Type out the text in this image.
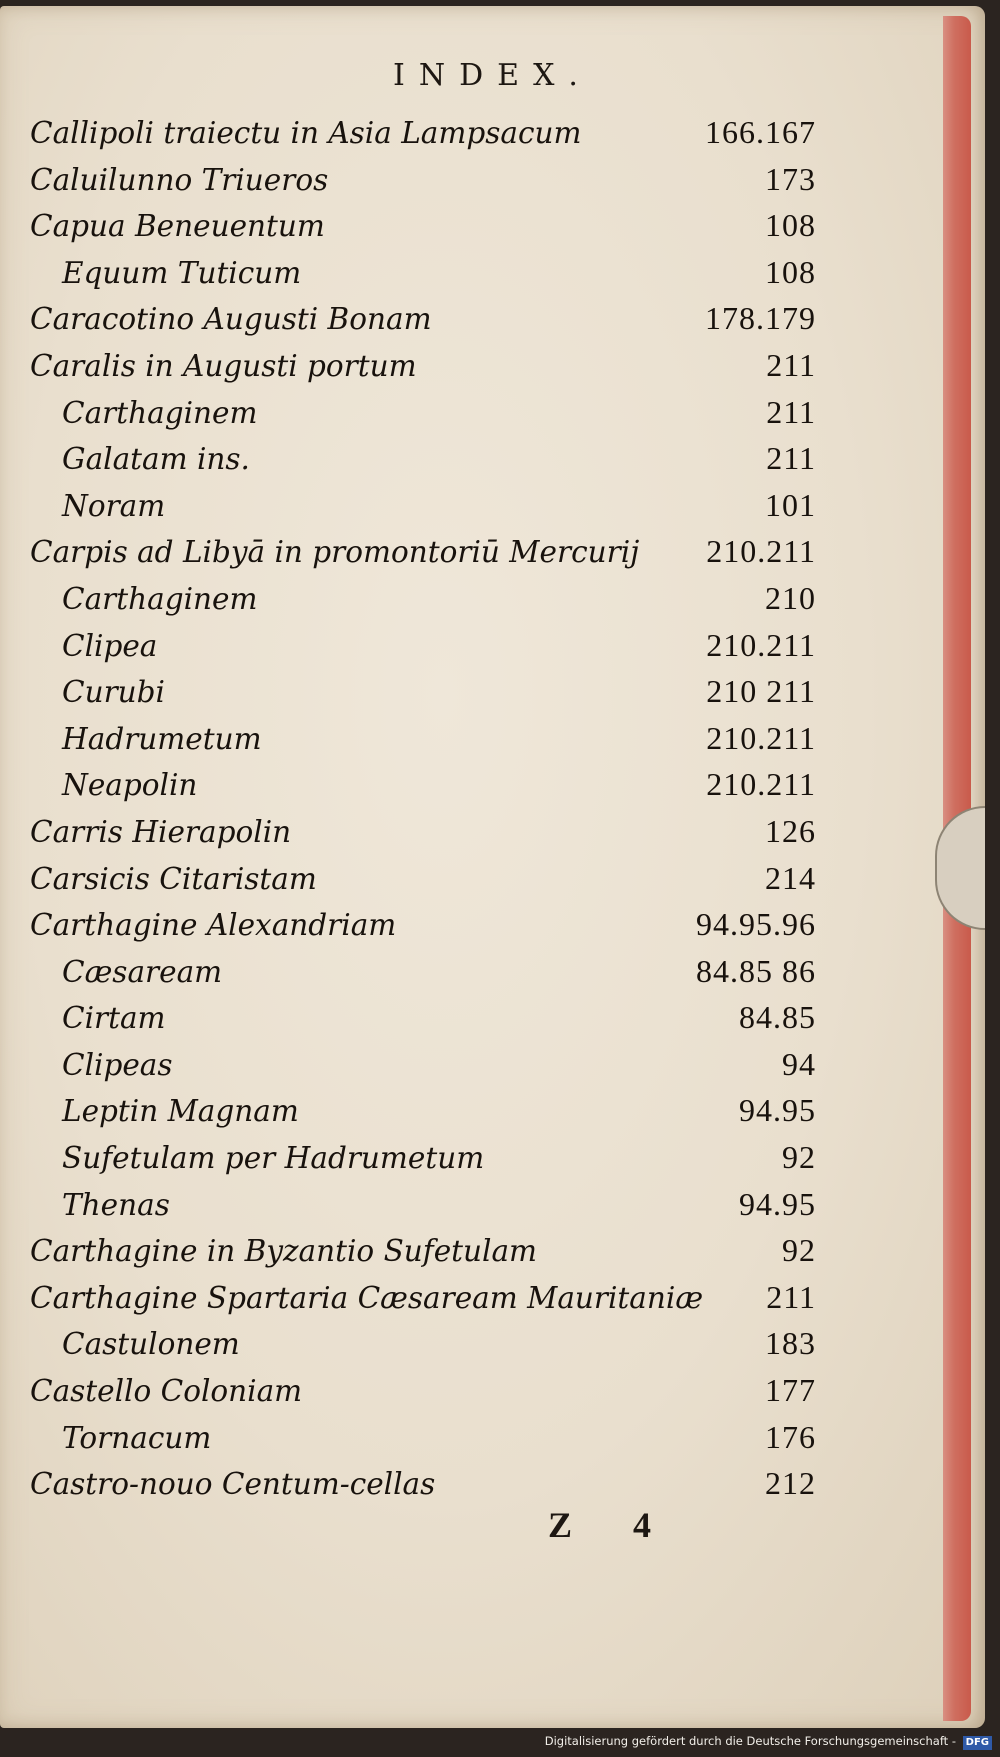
INDEX.
Callipoli traiectu in Asia Lampsacum	166.167
Caluilunno Triueros	173
Capua Beneuentum	108
Equum Tuticum	108
Caracotino Augusti Bonam	178.179
Caralis in Augusti portum	211
Carthaginem	211
Galatam ins.	211
Noram	101
Carpis ad Libyā in promontoriū Mercurij 210.211
Carthaginem	210
Clipea	210.211
Curubi	210 211
Hadrumetum	210.211
Neapolin	210.211
Carris Hierapolin	126
Carsicis Citaristam	214
Carthagine Alexandriam	94.95.96
Cæsaream	84.85 86
Cirtam	84.85
Clipeas	94
Leptin Magnam	94.95
Sufetulam per Hadrumetum	92
Thenas	94.95
Carthagine in Byzantio Sufetulam	92
Carthagine Spartaria Cæsaream Mauritaniæ 211
Castulonem	183
Castello Coloniam	177
Tornacum	176
Castro-nouo Centum-cellas	212
Z 4
Digitalisierung gefördert durch die Deutsche Forschungsgemeinschaft - DFG
